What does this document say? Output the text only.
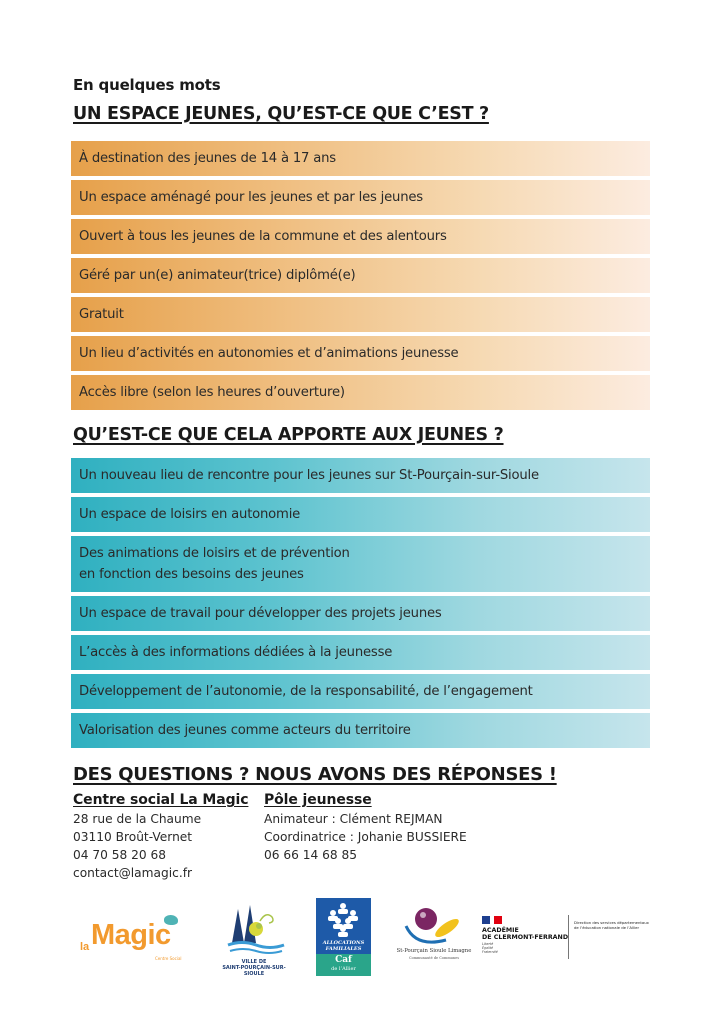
En quelques mots
UN ESPACE JEUNES, QU’EST-CE QUE C’EST ?
À destination des jeunes de 14 à 17 ans
Un espace aménagé pour les jeunes et par les jeunes
Ouvert à tous les jeunes de la commune et des alentours
Géré par un(e) animateur(trice) diplômé(e)
Gratuit
Un lieu d’activités en autonomies et d’animations jeunesse
Accès libre (selon les heures d’ouverture)
QU’EST-CE QUE CELA APPORTE AUX JEUNES ?
Un nouveau lieu de rencontre pour les jeunes sur St-Pourçain-sur-Sioule
Un espace de loisirs en autonomie
Des animations de loisirs et de prévention
en fonction des besoins des jeunes
Un espace de travail pour développer des projets jeunes
L’accès à des informations dédiées à la jeunesse
Développement de l’autonomie, de la responsabilité, de l’engagement
Valorisation des jeunes comme acteurs du territoire
DES QUESTIONS ? NOUS AVONS DES RÉPONSES !
Centre social La Magic
28 rue de la Chaume
03110 Broût-Vernet
04 70 58 20 68
contact@lamagic.fr
Pôle jeunesse
Animateur : Clément REJMAN
Coordinatrice : Johanie BUSSIERE
06 66 14 68 85
la Magic
Centre Social
VILLE DE
SAINT-POURÇAIN-SUR-SIOULE
ALLOCATIONS
FAMILIALES
Caf
de l’Allier
St-Pourçain Sioule Limagne
Communauté de Communes
ACADÉMIE
DE CLERMONT-FERRAND
Liberté
Égalité
Fraternité
Direction des services départementaux de l’éducation nationale de l’Allier
